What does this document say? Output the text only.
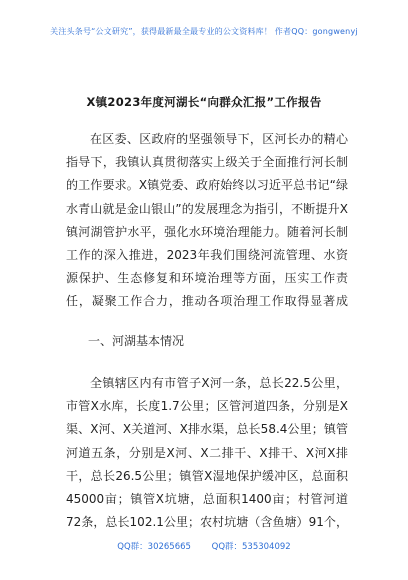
关注头条号“公文研究”，获得最新最全最专业的公文资料库！ 作者QQ：gongwenyj
X镇2023年度河湖长“向群众汇报”工作报告
在区委、区政府的坚强领导下，区河长办的精心指导下，我镇认真贯彻落实上级关于全面推行河长制的工作要求。X镇党委、政府始终以习近平总书记“绿水青山就是金山银山”的发展理念为指引，不断提升X镇河湖管护水平，强化水环境治理能力。随着河长制工作的深入推进，2023年我们围绕河流管理、水资源保护、生态修复和环境治理等方面，压实工作责任，凝聚工作合力，推动各项治理工作取得显著成
一、河湖基本情况
全镇辖区内有市管子X河一条，总长22.5公里，市管X水库，长度1.7公里；区管河道四条，分别是X渠、X河、X关道河、X排水渠，总长58.4公里；镇管河道五条，分别是X河、X二排干、X排干、X河X排干，总长26.5公里；镇管X湿地保护缓冲区，总面积45000亩；镇管X坑塘，总面积1400亩；村管河道72条，总长102.1公里；农村坑塘（含鱼塘）91个，
QQ群：30265665 QQ群：535304092
